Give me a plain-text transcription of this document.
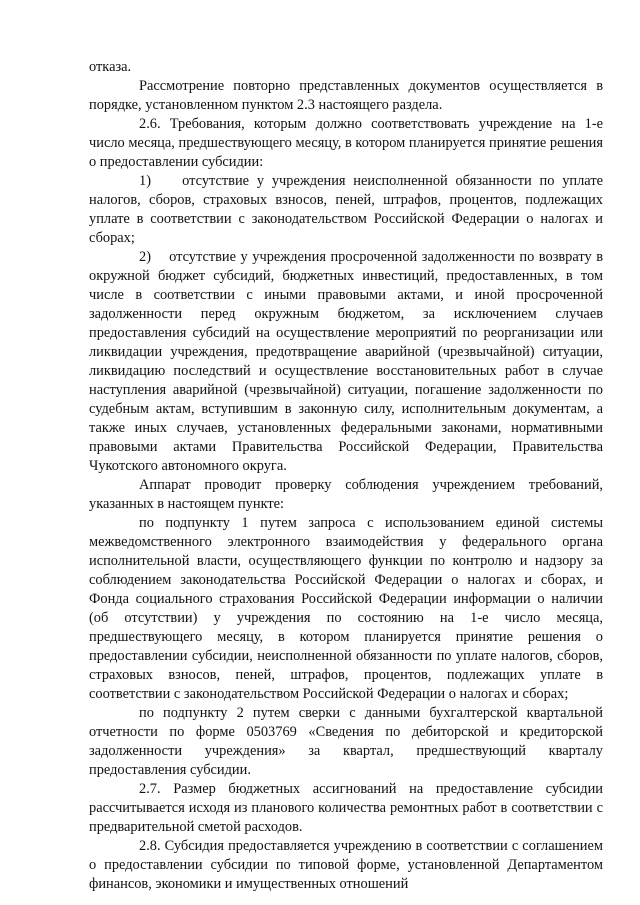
отказа.

Рассмотрение повторно представленных документов осуществляется в порядке, установленном пунктом 2.3 настоящего раздела.

2.6. Требования, которым должно соответствовать учреждение на 1-е число месяца, предшествующего месяцу, в котором планируется принятие решения о предоставлении субсидии:

1)    отсутствие у учреждения неисполненной обязанности по уплате налогов, сборов, страховых взносов, пеней, штрафов, процентов, подлежащих уплате в соответствии с законодательством Российской Федерации о налогах и сборах;

2)    отсутствие у учреждения просроченной задолженности по возврату в окружной бюджет субсидий, бюджетных инвестиций, предоставленных, в том числе в соответствии с иными правовыми актами, и иной просроченной задолженности перед окружным бюджетом, за исключением случаев предоставления субсидий на осуществление мероприятий по реорганизации или ликвидации учреждения, предотвращение аварийной (чрезвычайной) ситуации, ликвидацию последствий и осуществление восстановительных работ в случае наступления аварийной (чрезвычайной) ситуации, погашение задолженности по судебным актам, вступившим в законную силу, исполнительным документам, а также иных случаев, установленных федеральными законами, нормативными правовыми актами Правительства Российской Федерации, Правительства Чукотского автономного округа.

Аппарат проводит проверку соблюдения учреждением требований, указанных в настоящем пункте:

по подпункту 1 путем запроса с использованием единой системы межведомственного электронного взаимодействия у федерального органа исполнительной власти, осуществляющего функции по контролю и надзору за соблюдением законодательства Российской Федерации о налогах и сборах, и Фонда социального страхования Российской Федерации информации о наличии (об отсутствии) у учреждения по состоянию на 1-е число месяца, предшествующего месяцу, в котором планируется принятие решения о предоставлении субсидии, неисполненной обязанности по уплате налогов, сборов, страховых взносов, пеней, штрафов, процентов, подлежащих уплате в соответствии с законодательством Российской Федерации о налогах и сборах;

по подпункту 2 путем сверки с данными бухгалтерской квартальной отчетности по форме 0503769 «Сведения по дебиторской и кредиторской задолженности учреждения» за квартал, предшествующий кварталу предоставления субсидии.

2.7. Размер бюджетных ассигнований на предоставление субсидии рассчитывается исходя из планового количества ремонтных работ в соответствии с предварительной сметой расходов.

2.8. Субсидия предоставляется учреждению в соответствии с соглашением о предоставлении субсидии по типовой форме, установленной Департаментом финансов, экономики и имущественных отношений
